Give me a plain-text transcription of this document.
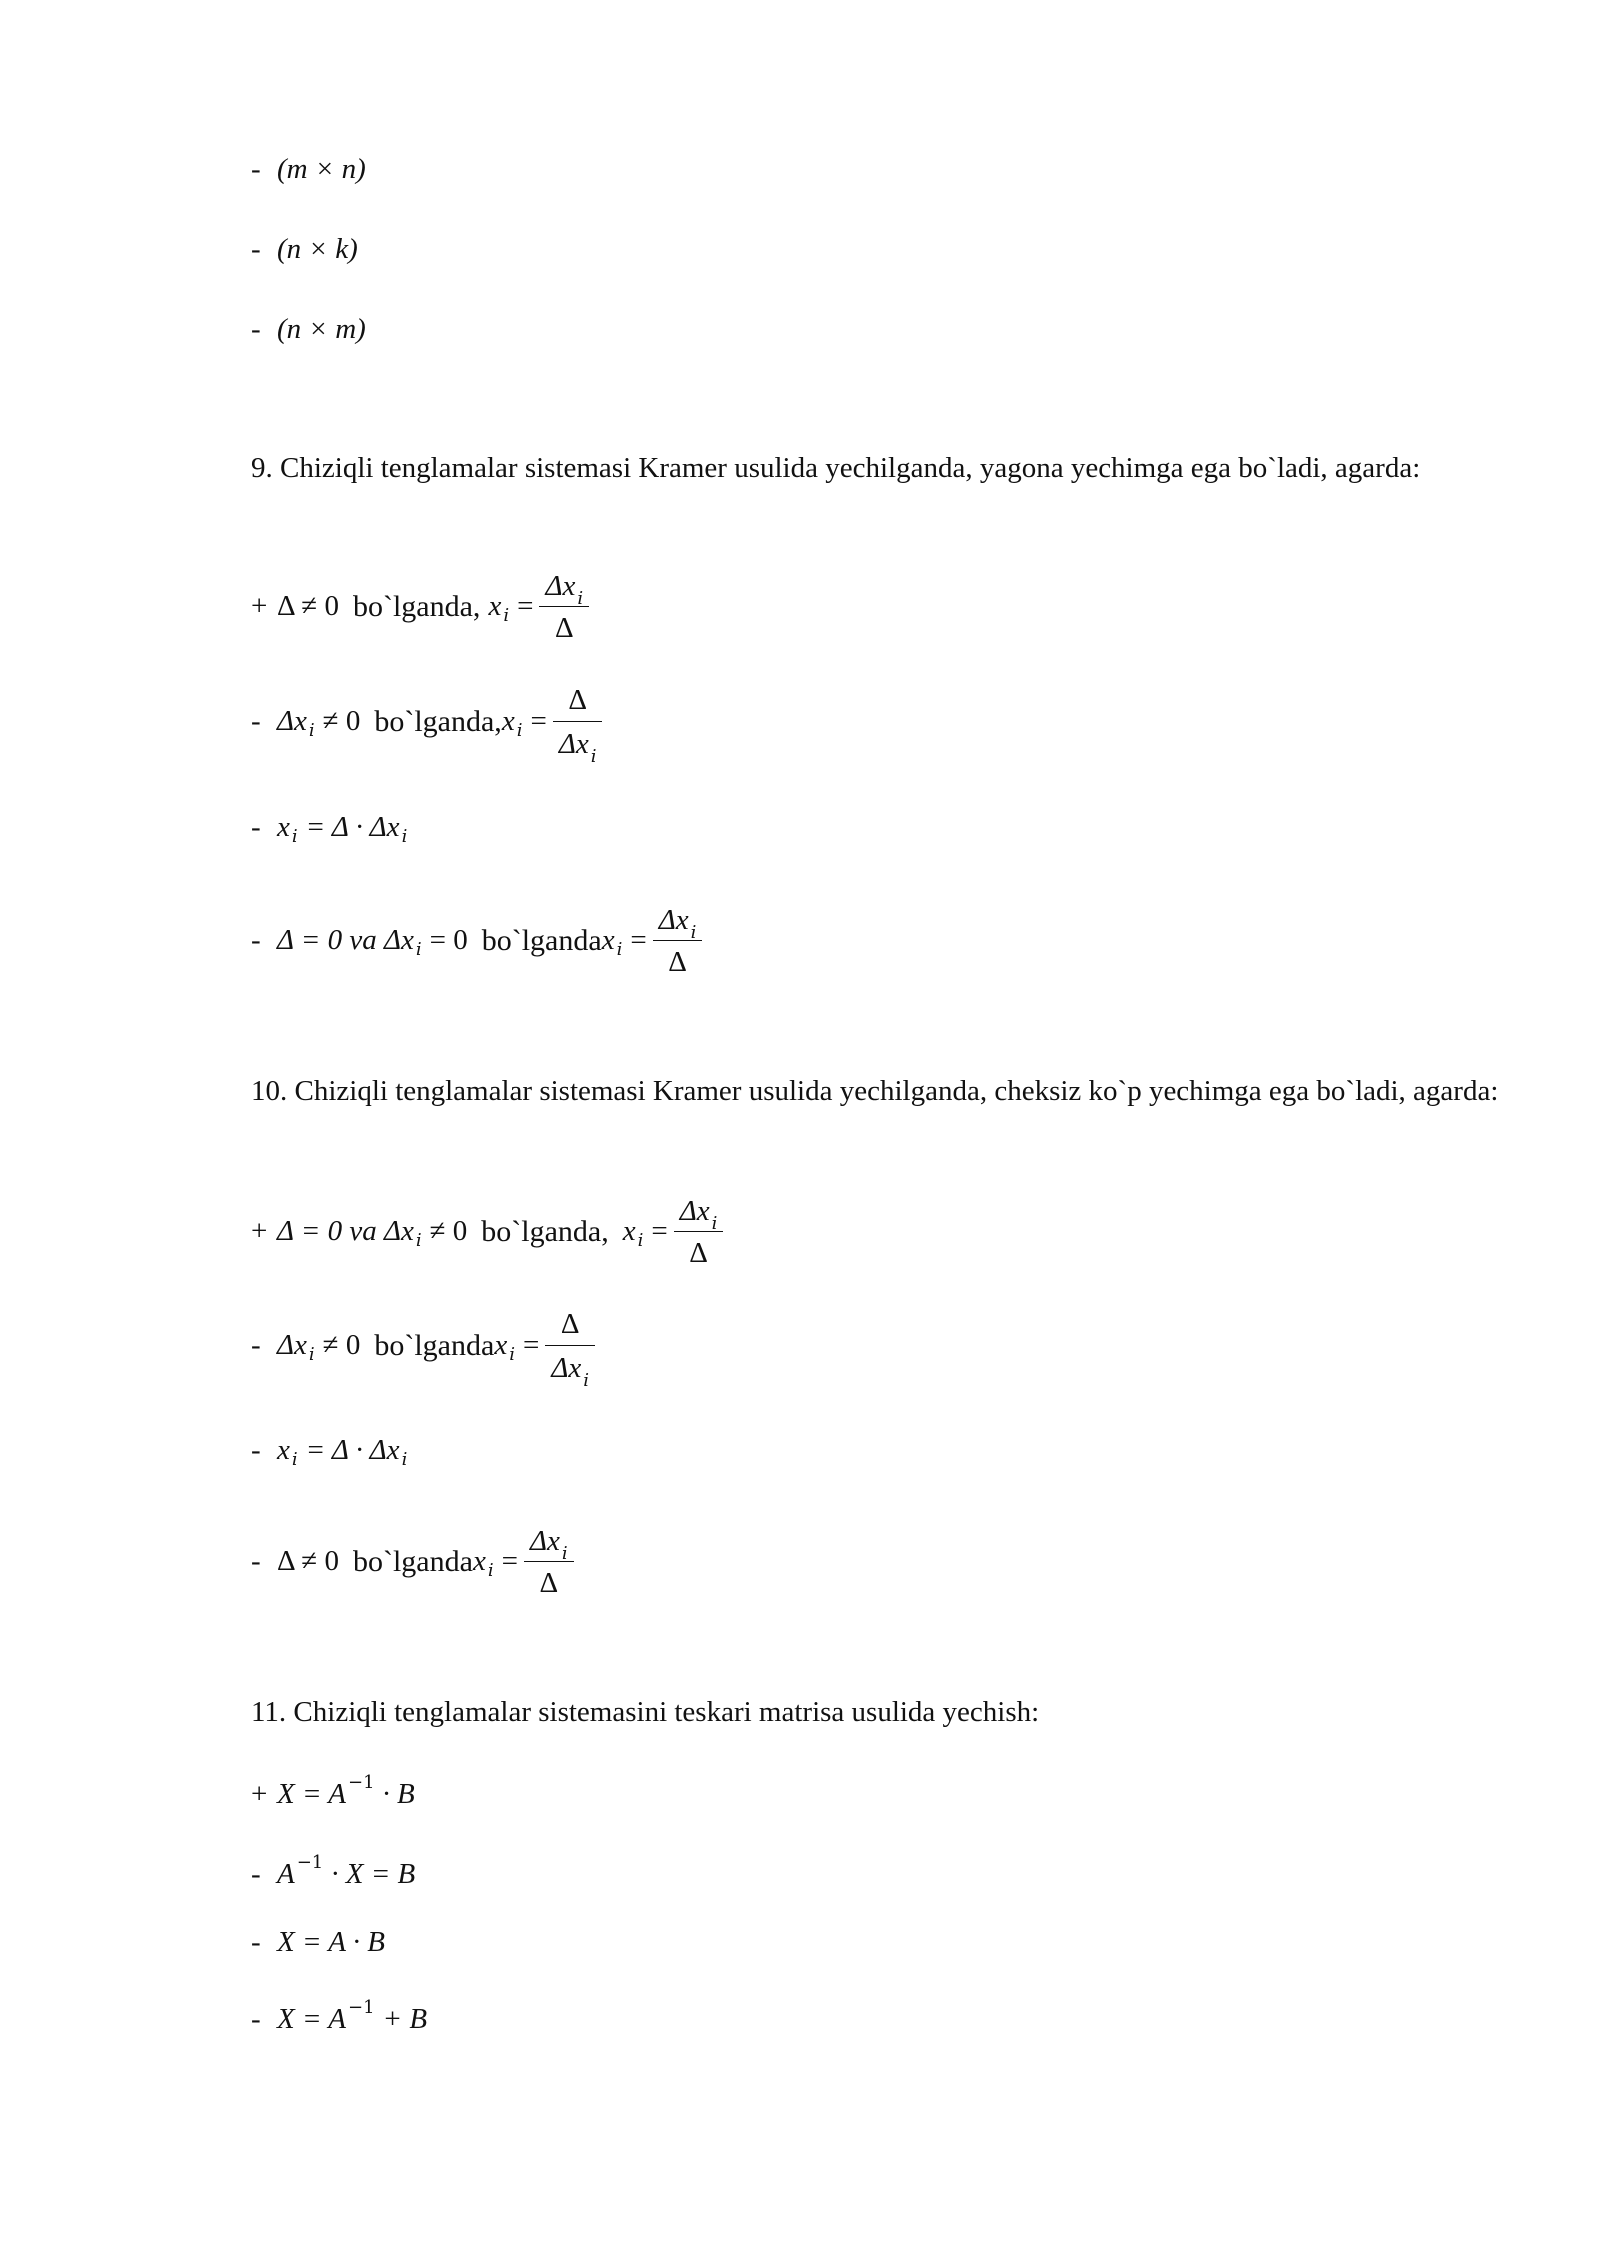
- (m × n)
- (n × k)
- (n × m)
9. Chiziqli tenglamalar sistemasi Kramer usulida yechilganda, yagona yechimga ega bo`ladi, agarda:
+ Δ ≠ 0 bo`lganda, x $i = \frac{\Delta x _i}{\Delta}$
- Δx i ≠ 0 bo`lganda, x $i = \frac{\Delta}{\Delta x _i}$
- x i = Δ · Δx i
- Δ = 0 va Δx i = 0 bo`lganda x $i = \frac{\Delta x _i}{\Delta}$
10. Chiziqli tenglamalar sistemasi Kramer usulida yechilganda, cheksiz ko`p yechimga ega bo`ladi, agarda:
+ Δ = 0 va Δx i ≠ 0 bo`lganda, x $i = \frac{\Delta x _i}{\Delta}$
- Δx i ≠ 0 bo`lganda x $i = \frac{\Delta}{\Delta x _i}$
- x i = Δ · Δx i
- Δ ≠ 0 bo`lganda x $i = \frac{\Delta x _i}{\Delta}$
11. Chiziqli tenglamalar sistemasini teskari matrisa usulida yechish:
+ X = A −1 · B
- A −1 · X = B
- X = A · B
- X = A −1 + B
